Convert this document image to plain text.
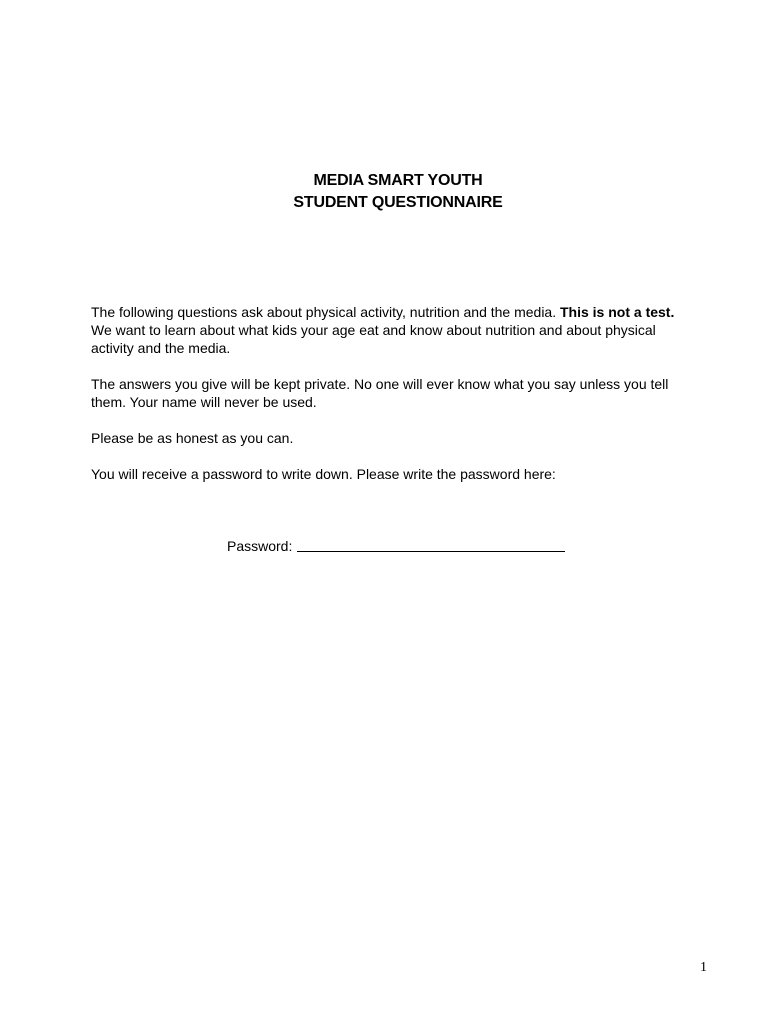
MEDIA SMART YOUTH
STUDENT QUESTIONNAIRE

The following questions ask about physical activity, nutrition and the media. This is not a test. We want to learn about what kids your age eat and know about nutrition and about physical activity and the media.

The answers you give will be kept private. No one will ever know what you say unless you tell them. Your name will never be used.

Please be as honest as you can.

You will receive a password to write down. Please write the password here:

Password:
1
